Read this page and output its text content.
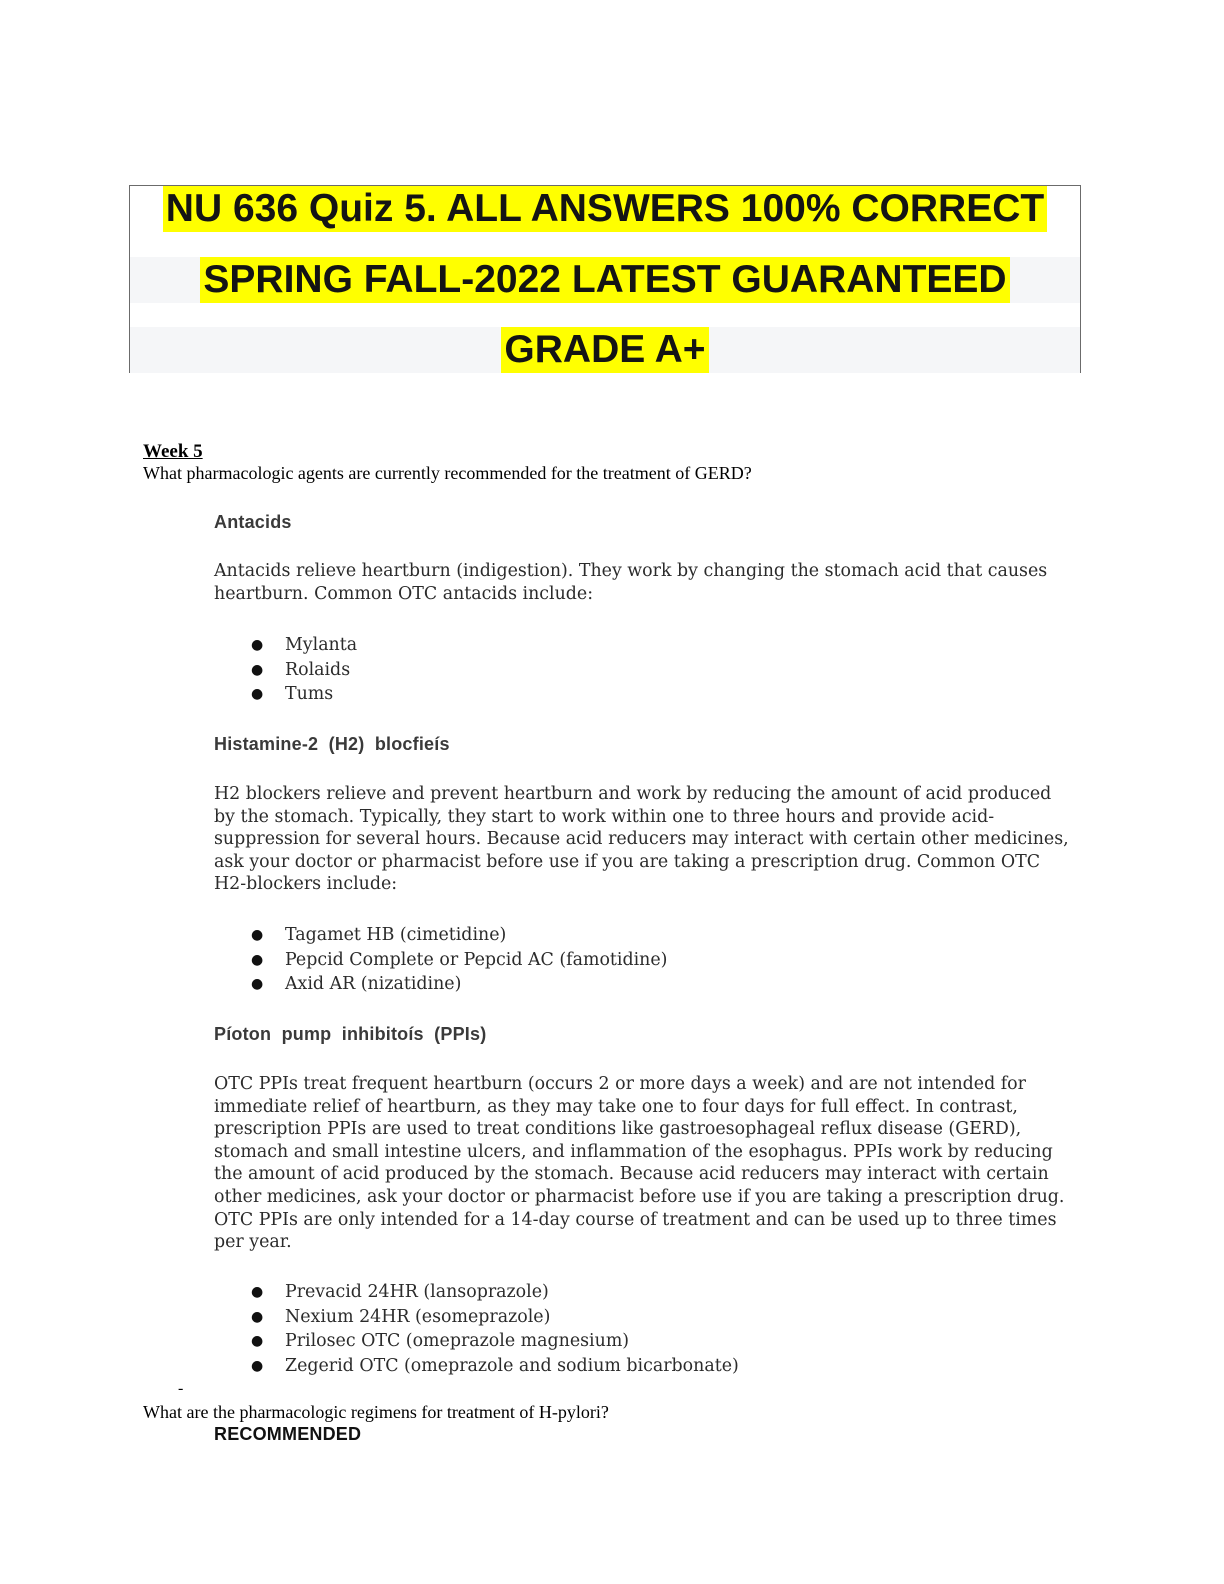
NU 636 Quiz 5. ALL ANSWERS 100% CORRECT
SPRING FALL-2022 LATEST GUARANTEED
GRADE A+
Week 5
What pharmacologic agents are currently recommended for the treatment of GERD?
Antacids
Antacids relieve heartburn (indigestion). They work by changing the stomach acid that causes heartburn. Common OTC antacids include:
● Mylanta
● Rolaids
● Tums
Histamine-2  (H2)  blocfieís
H2 blockers relieve and prevent heartburn and work by reducing the amount of acid produced by the stomach. Typically, they start to work within one to three hours and provide acid-suppression for several hours. Because acid reducers may interact with certain other medicines, ask your doctor or pharmacist before use if you are taking a prescription drug. Common OTC H2-blockers include:
● Tagamet HB (cimetidine)
● Pepcid Complete or Pepcid AC (famotidine)
● Axid AR (nizatidine)
Píoton  pump  inhibitoís  (PPIs)
OTC PPIs treat frequent heartburn (occurs 2 or more days a week) and are not intended for immediate relief of heartburn, as they may take one to four days for full effect. In contrast, prescription PPIs are used to treat conditions like gastroesophageal reflux disease (GERD), stomach and small intestine ulcers, and inflammation of the esophagus. PPIs work by reducing the amount of acid produced by the stomach. Because acid reducers may interact with certain other medicines, ask your doctor or pharmacist before use if you are taking a prescription drug. OTC PPIs are only intended for a 14-day course of treatment and can be used up to three times per year.
● Prevacid 24HR (lansoprazole)
● Nexium 24HR (esomeprazole)
● Prilosec OTC (omeprazole magnesium)
● Zegerid OTC (omeprazole and sodium bicarbonate)
-
What are the pharmacologic regimens for treatment of H-pylori?
RECOMMENDED
